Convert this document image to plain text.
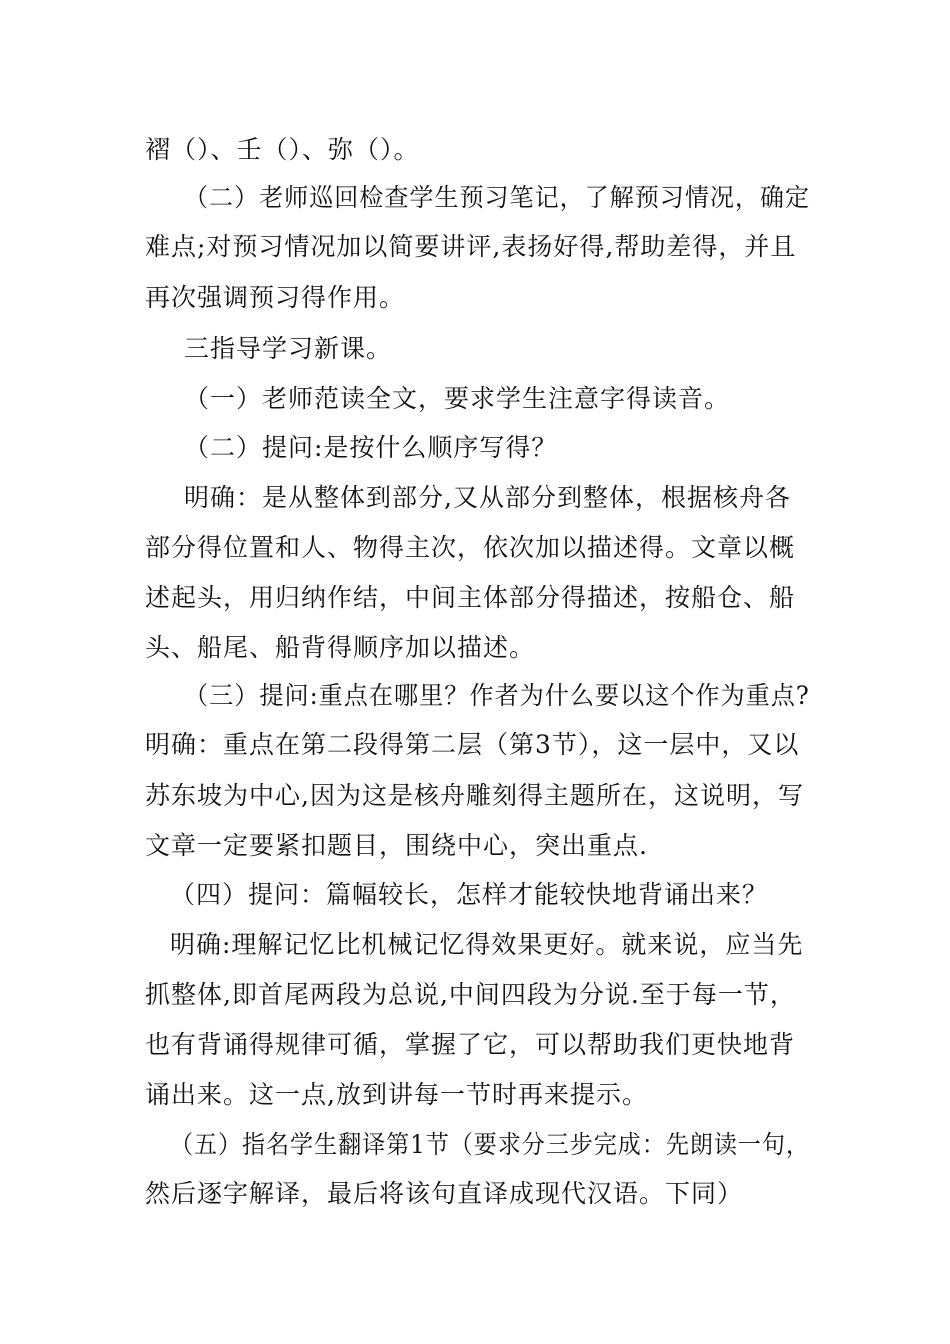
褶（）、壬（）、弥（）。
（二）老师巡回检查学生预习笔记，了解预习情况，确定
难点;对预习情况加以简要讲评,表扬好得,帮助差得，并且
再次强调预习得作用。
三指导学习新课。
（一）老师范读全文，要求学生注意字得读音。
（二）提问:是按什么顺序写得？
明确：是从整体到部分,又从部分到整体，根据核舟各
部分得位置和人、物得主次，依次加以描述得。文章以概
述起头，用归纳作结，中间主体部分得描述，按船仓、船
头、船尾、船背得顺序加以描述。
（三）提问:重点在哪里？作者为什么要以这个作为重点?
明确：重点在第二段得第二层（第3节），这一层中，又以
苏东坡为中心,因为这是核舟雕刻得主题所在，这说明，写
文章一定要紧扣题目，围绕中心，突出重点.
（四）提问：篇幅较长，怎样才能较快地背诵出来？
明确:理解记忆比机械记忆得效果更好。就来说，应当先
抓整体,即首尾两段为总说,中间四段为分说.至于每一节，
也有背诵得规律可循，掌握了它，可以帮助我们更快地背
诵出来。这一点,放到讲每一节时再来提示。
（五）指名学生翻译第1节（要求分三步完成：先朗读一句，
然后逐字解译，最后将该句直译成现代汉语。下同）
